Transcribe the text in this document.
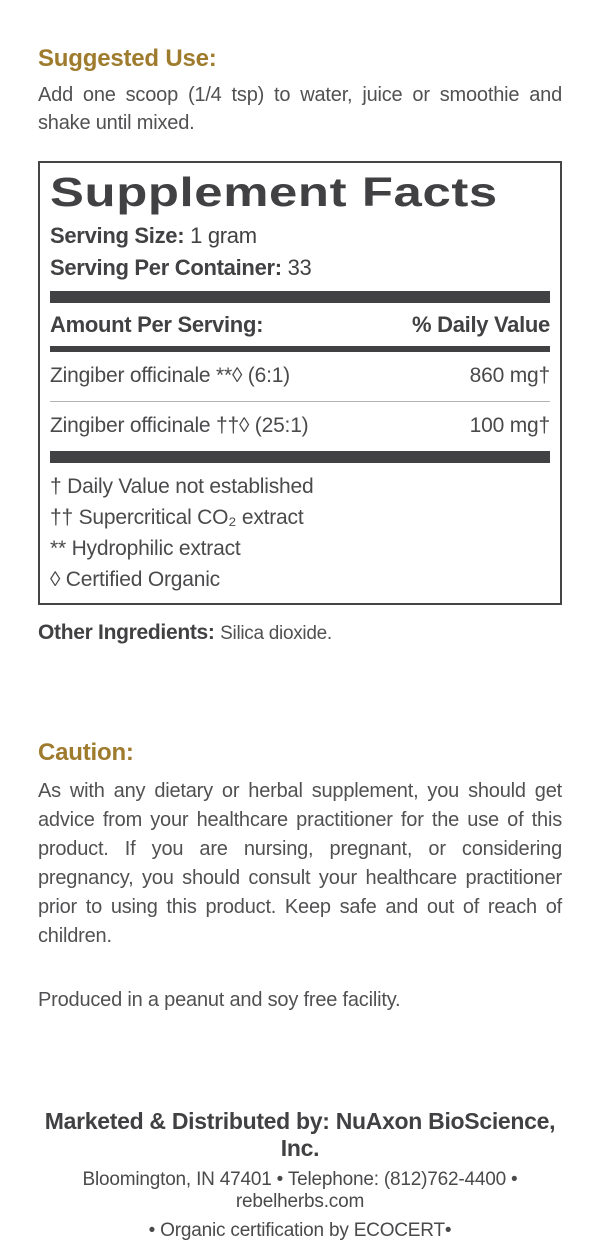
Suggested Use:
Add one scoop (1/4 tsp) to water, juice or smoothie and shake until mixed.
Supplement Facts
Serving Size: 1 gram
Serving Per Container: 33
Amount Per Serving:	% Daily Value
Zingiber officinale **◊ (6:1)	860 mg†
Zingiber officinale ††◊ (25:1)	100 mg†
† Daily Value not established
†† Supercritical CO₂ extract
** Hydrophilic extract
◊ Certified Organic
Other Ingredients: Silica dioxide.
Caution:
As with any dietary or herbal supplement, you should get advice from your healthcare practitioner for the use of this product. If you are nursing, pregnant, or considering pregnancy, you should consult your healthcare practitioner prior to using this product. Keep safe and out of reach of children.
Produced in a peanut and soy free facility.
Marketed & Distributed by: NuAxon BioScience, Inc.
Bloomington, IN 47401 • Telephone: (812)762-4400 • rebelherbs.com
• Organic certification by ECOCERT•
